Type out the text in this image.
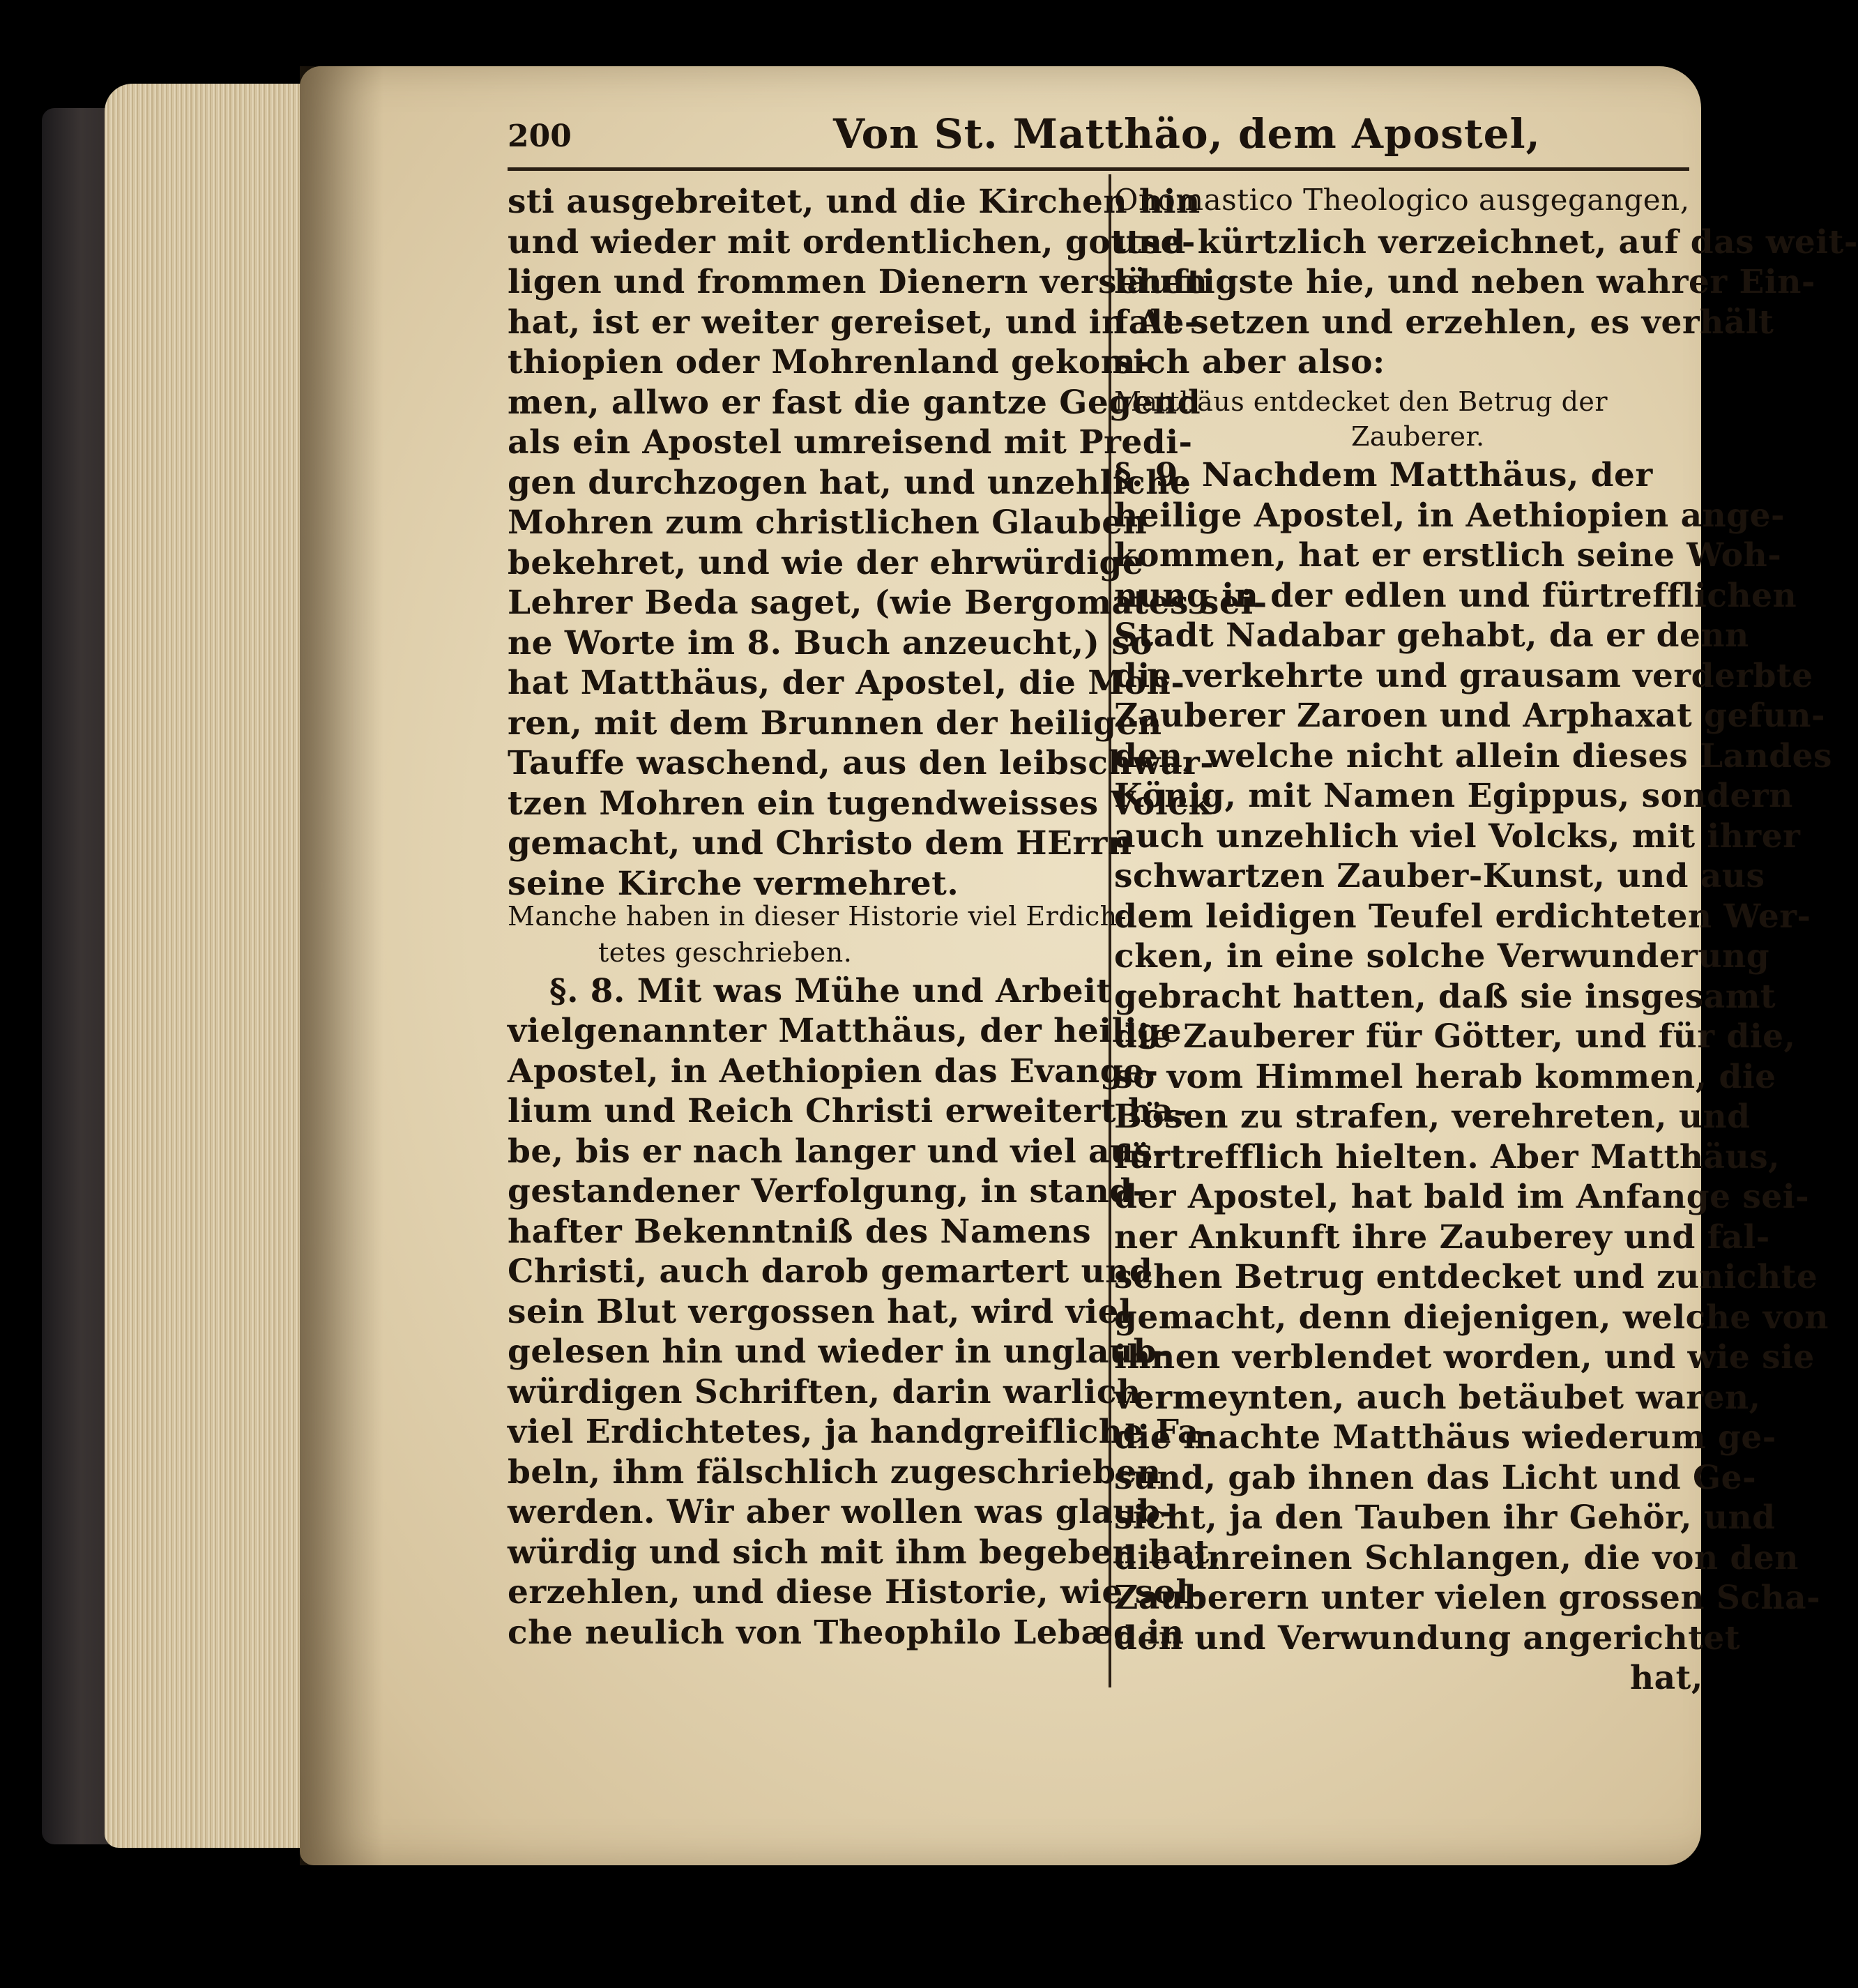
200	Von St. Matthäo, dem Apostel,
sti ausgebreitet, und die Kirchen hin
und wieder mit ordentlichen, gottse-
ligen und frommen Dienern versehen
hat, ist er weiter gereiset, und in Ae-
thiopien oder Mohrenland gekom-
men, allwo er fast die gantze Gegend
als ein Apostel umreisend mit Predi-
gen durchzogen hat, und unzehliche
Mohren zum christlichen Glauben
bekehret, und wie der ehrwürdige
Lehrer Beda saget, (wie Bergomates sei-
ne Worte im 8. Buch anzeucht,) so
hat Matthäus, der Apostel, die Moh-
ren, mit dem Brunnen der heiligen
Tauffe waschend, aus den leibschwar-
tzen Mohren ein tugendweisses Volck
gemacht, und Christo dem HErrn
seine Kirche vermehret.
Manche haben in dieser Historie viel Erdich-
tetes geschrieben.
§. 8. Mit was Mühe und Arbeit
vielgenannter Matthäus, der heilige
Apostel, in Aethiopien das Evange-
lium und Reich Christi erweitert ha-
be, bis er nach langer und viel aus-
gestandener Verfolgung, in stand-
hafter Bekenntniß des Namens
Christi, auch darob gemartert und
sein Blut vergossen hat, wird viel
gelesen hin und wieder in unglaub-
würdigen Schriften, darin warlich
viel Erdichtetes, ja handgreifliche Fa-
beln, ihm fälschlich zugeschrieben
werden. Wir aber wollen was glaub-
würdig und sich mit ihm begeben hat,
erzehlen, und diese Historie, wie sol-
che neulich von Theophilo Lebæo in
Onomastico Theologico ausgegangen,
und kürtzlich verzeichnet, auf das weit-
läuftigste hie, und neben wahrer Ein-
falt setzen und erzehlen, es verhält
sich aber also:
Matthäus entdecket den Betrug der
Zauberer.
§. 9. Nachdem Matthäus, der
heilige Apostel, in Aethiopien ange-
kommen, hat er erstlich seine Woh-
nung in der edlen und fürtrefflichen
Stadt Nadabar gehabt, da er denn
die verkehrte und grausam verderbte
Zauberer Zaroen und Arphaxat gefun-
den, welche nicht allein dieses Landes
König, mit Namen Egippus, sondern
auch unzehlich viel Volcks, mit ihrer
schwartzen Zauber-Kunst, und aus
dem leidigen Teufel erdichteten Wer-
cken, in eine solche Verwunderung
gebracht hatten, daß sie insgesamt
die Zauberer für Götter, und für die,
so vom Himmel herab kommen, die
Bösen zu strafen, verehreten, und
fürtrefflich hielten. Aber Matthäus,
der Apostel, hat bald im Anfange sei-
ner Ankunft ihre Zauberey und fal-
schen Betrug entdecket und zunichte
gemacht, denn diejenigen, welche von
ihnen verblendet worden, und wie sie
vermeynten, auch betäubet waren,
die machte Matthäus wiederum ge-
sund, gab ihnen das Licht und Ge-
sicht, ja den Tauben ihr Gehör, und
die unreinen Schlangen, die von den
Zauberern unter vielen grossen Scha-
den und Verwundung angerichtet
hat,
